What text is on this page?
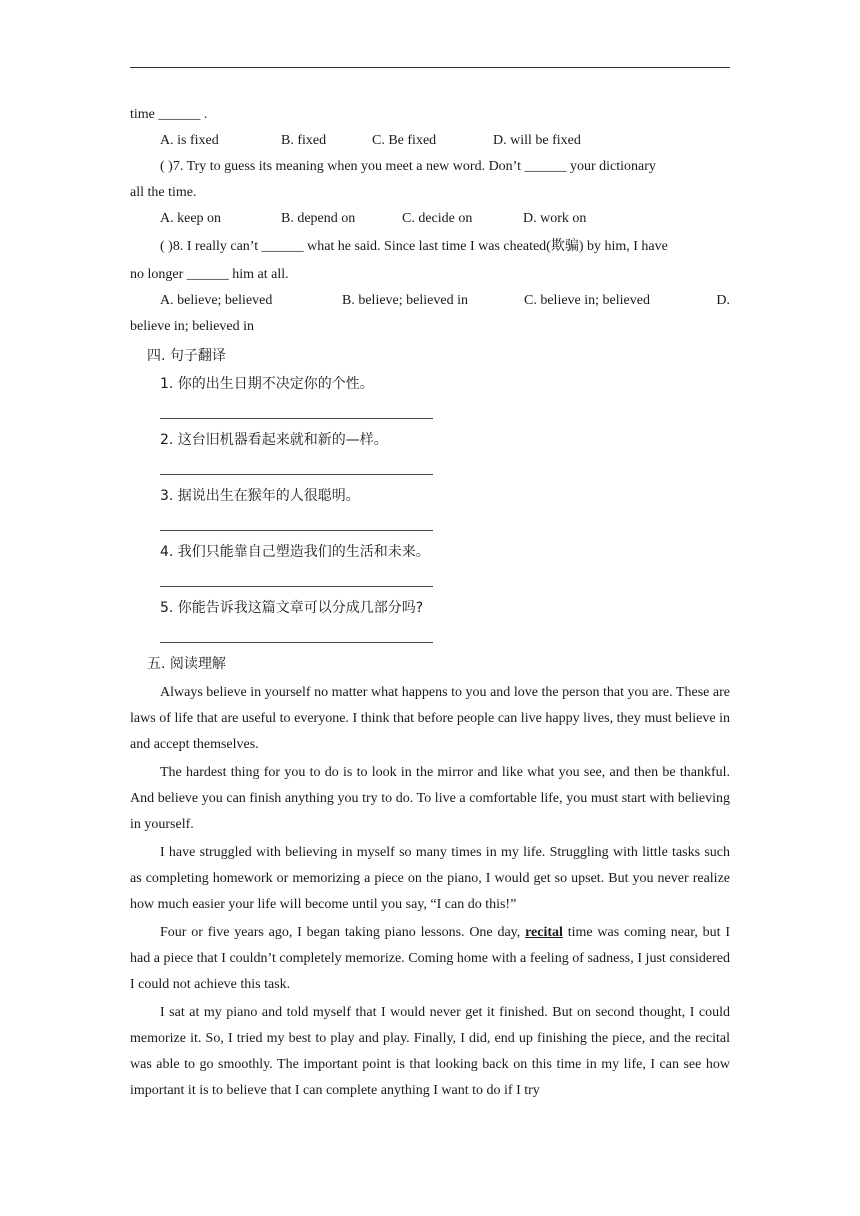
time ______ .

A. is fixed	B. fixed	C. Be fixed	D. will be fixed

( )7. Try to guess its meaning when you meet a new word. Don’t ______ your dictionary

all the time.

A. keep on	B. depend on	C. decide on	D. work on

( )8. I really can’t ______ what he said. Since last time I was cheated(欺骗) by him, I have

no longer ______ him at all.

A. believe; believed	B. believe; believed in	C. believe in; believed	D.

believe in; believed in

四. 句子翻译
1. 你的出生日期不决定你的个性。
2. 这台旧机器看起来就和新的—样。
3. 据说出生在猴年的人很聪明。
4. 我们只能靠自己塑造我们的生活和未来。
5. 你能告诉我这篇文章可以分成几部分吗?
五. 阅读理解

Always believe in yourself no matter what happens to you and love the person that you are. These are laws of life that are useful to everyone. I think that before people can live happy lives, they must believe in and accept themselves.

The hardest thing for you to do is to look in the mirror and like what you see, and then be thankful. And believe you can finish anything you try to do. To live a comfortable life, you must start with believing in yourself.

I have struggled with believing in myself so many times in my life. Struggling with little tasks such as completing homework or memorizing a piece on the piano, I would get so upset. But you never realize how much easier your life will become until you say, “I can do this!”

Four or five years ago, I began taking piano lessons. One day, recital time was coming near, but I had a piece that I couldn’t completely memorize. Coming home with a feeling of sadness, I just considered I could not achieve this task.

I sat at my piano and told myself that I would never get it finished. But on second thought, I could memorize it. So, I tried my best to play and play. Finally, I did, end up finishing the piece, and the recital was able to go smoothly. The important point is that looking back on this time in my life, I can see how important it is to believe that I can complete anything I want to do if I try
